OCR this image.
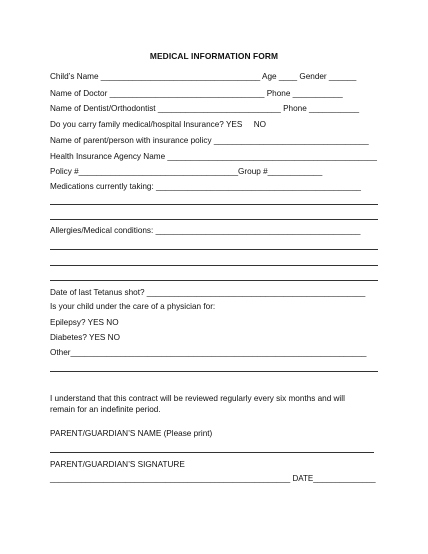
MEDICAL INFORMATION FORM
Child’s Name ___________________________________ Age ____ Gender ______
Name of Doctor __________________________________ Phone ___________
Name of Dentist/Orthodontist ___________________________ Phone ___________
Do you carry family medical/hospital Insurance? YES     NO
Name of parent/person with insurance policy __________________________________
Health Insurance Agency Name ______________________________________________
Policy #___________________________________Group #____________
Medications currently taking: _____________________________________________
Allergies/Medical conditions: _____________________________________________
Date of last Tetanus shot? ________________________________________________
Is your child under the care of a physician for:
Epilepsy? YES NO
Diabetes? YES NO
Other_________________________________________________________________
I understand that this contract will be reviewed regularly every six months and will
remain for an indefinite period.
PARENT/GUARDIAN’S NAME (Please print)
PARENT/GUARDIAN’S SIGNATURE
______________________________________________________ DATE______________
